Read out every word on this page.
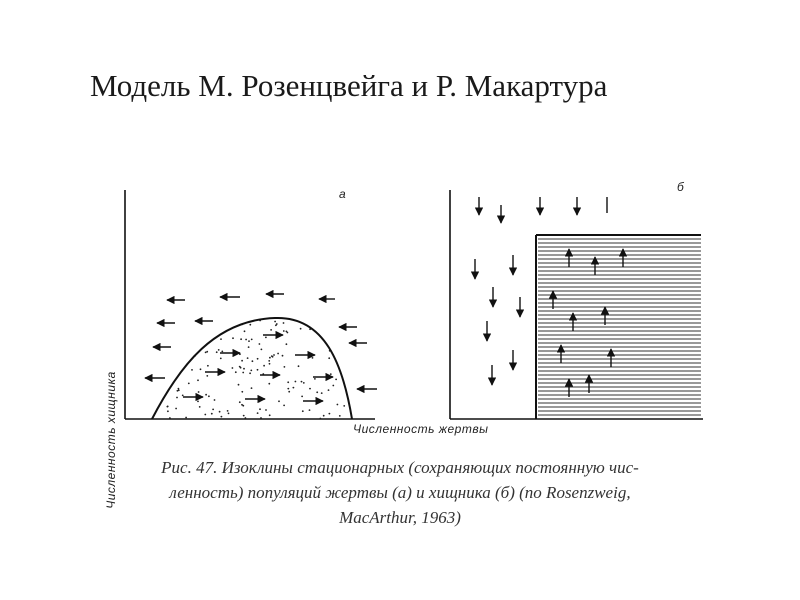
Модель М. Розенцвейга и Р. Макартура
Численность хищника	Численность жертвы
а	б
Рис. 47. Изоклины стационарных (сохраняющих постоянную чис-
ленность) популяций жертвы (а) и хищника (б) (по Rosenzweig,
MacArthur, 1963)
